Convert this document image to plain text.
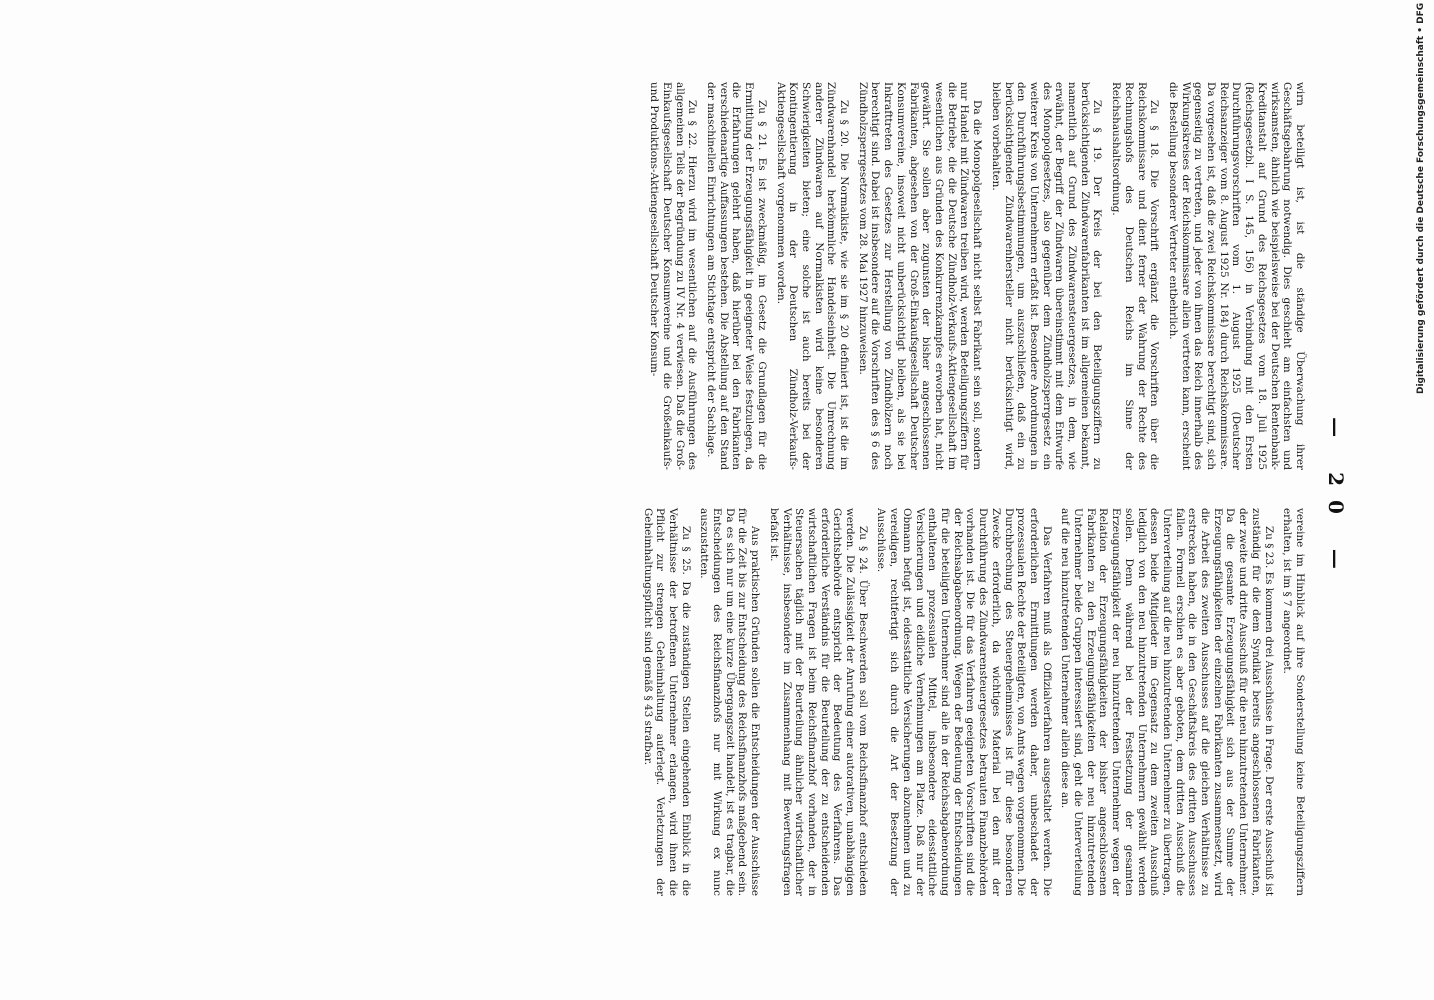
— 20 —

wirn beteiligt ist, ist die ständige Überwachung ihrer Geschäftsgebahrung notwendig. Dies geschieht am einfachsten und wirksamsten, ähnlich wie beispielsweise bei der Deutschen Rentenbank-Kreditanstalt auf Grund des Reichsgesetzes vom 18. Juli 1925 (Reichsgesetzbl. I S. 145, 156) in Verbindung mit den Ersten Durchführungsvorschriften vom 1. August 1925 (Deutscher Reichsanzeiger vom 8. August 1925 Nr. 184) durch Reichskommissare. Da vorgesehen ist, daß die zwei Reichskommissare berechtigt sind, sich gegenseitig zu vertreten, und jeder von ihnen das Reich innerhalb des Wirkungskreises der Reichskommissare allein vertreten kann, erscheint die Bestellung besonderer Vertreter entbehrlich.

Zu § 18. Die Vorschrift ergänzt die Vorschriften über die Reichskommissare und dient ferner der Wahrung der Rechte des Rechnungshofs des Deutschen Reichs im Sinne der Reichshaushaltsordnung.

Zu § 19. Der Kreis der bei den Beteiligungsziffern zu berücksichtigenden Zündwarenfabrikanten ist im allgemeinen bekannt, namentlich auf Grund des Zündwarensteuergesetzes, in dem, wie erwähnt, der Begriff der Zündwaren übereinstimmt mit dem Entwurfe des Monopolgesetzes, also gegenüber dem Zündholzsperrgesetz ein weiterer Kreis von Unternehmern erfaßt ist. Besondere Anordnungen in den Durchführungsbestimmungen, um auszuschließen, daß ein zu berücksichtigender Zündwarenhersteller nicht berücksichtigt wird, bleiben vorbehalten.

Da die Monopolgesellschaft nicht selbst Fabrikant sein soll, sondern nur Handel mit Zündwaren treiben wird, werden Beteiligungsziffern für die Betriebe, die die Deutsche Zündholz-Verkaufs-Aktiengesellschaft im wesentlichen aus Gründen des Konkurrenzkampfes erworben hat, nicht gewährt. Sie sollen aber zugunsten der bisher angeschlossenen Fabrikanten, abgesehen von der Groß-Einkaufsgesellschaft Deutscher Konsumvereine, insoweit nicht unberücksichtigt bleiben, als sie bei Inkrafttreten des Gesetzes zur Herstellung von Zündhölzern noch berechtigt sind. Dabei ist insbesondere auf die Vorschriften des § 6 des Zündholzsperrgesetzes vom 28. Mai 1927 hinzuweisen.

Zu § 20. Die Normalkiste, wie sie im § 20 definiert ist, ist die im Zündwarenhandel herkömmliche Handelseinheit. Die Umrechnung anderer Zündwaren auf Normalkisten wird keine besonderen Schwierigkeiten bieten; eine solche ist auch bereits bei der Kontingentierung in der Deutschen Zündholz-Verkaufs-Aktiengesellschaft vorgenommen worden.

Zu § 21. Es ist zweckmäßig, im Gesetz die Grundlagen für die Ermittlung der Erzeugungsfähigkeit in geeigneter Weise festzulegen, da die Erfahrungen gelehrt haben, daß hierüber bei den Fabrikanten verschiedenartige Auffassungen bestehen. Die Abstellung auf den Stand der maschinellen Einrichtungen am Stichtage entspricht der Sachlage.

Zu § 22. Hierzu wird im wesentlichen auf die Ausführungen des allgemeinen Teils der Begründung zu IV Nr. 4 verwiesen. Daß die Groß-Einkaufsgesellschaft Deutscher Konsumvereine und die Großeinkaufs- und Produktions-Aktiengesellschaft Deutscher Konsum-

vereine im Hinblick auf ihre Sonderstellung keine Beteiligungsziffern erhalten, ist im § 7 angeordnet.

Zu § 23. Es kommen drei Ausschüsse in Frage. Der erste Ausschuß ist zuständig für die dem Syndikat bereits angeschlossenen Fabrikanten, der zweite und dritte Ausschuß für die neu hinzutretenden Unternehmer. Da die gesamte Erzeugungsfähigkeit sich aus der Summe der Erzeugungsfähigkeiten der einzelnen Fabrikanten zusammensetzt, wird die Arbeit des zweiten Ausschusses auf die gleichen Verhältnisse zu erstrecken haben, die in den Geschäftskreis des dritten Ausschusses fallen. Formell erschien es aber geboten, dem dritten Ausschuß die Unterverteilung auf die neu hinzutretenden Unternehmer zu übertragen, dessen beide Mitglieder im Gegensatz zu dem zweiten Ausschuß lediglich von den neu hinzutretenden Unternehmern gewählt werden sollen. Denn während bei der Festsetzung der gesamten Erzeugungsfähigkeit der neu hinzutretenden Unternehmer wegen der Relation der Erzeugungsfähigkeiten der bisher angeschlossenen Fabrikanten zu den Erzeugungsfähigkeiten der neu hinzutretenden Unternehmer beide Gruppen interessiert sind, geht die Unterverteilung auf die neu hinzutretenden Unternehmer allein diese an.

Das Verfahren muß als Offizialverfahren ausgestaltet werden. Die erforderlichen Ermittlungen werden daher, unbeschadet der prozessualen Rechte der Beteiligten, von Amts wegen vorgenommen. Die Durchbrechung des Steuergeheimnisses ist für diese besonderen Zwecke erforderlich, da wichtiges Material bei den mit der Durchführung des Zündwarensteuergesetzes betrauten Finanzbehörden vorhanden ist. Die für das Verfahren geeigneten Vorschriften sind die der Reichsabgabenordnung. Wegen der Bedeutung der Entscheidungen für die beteiligten Unternehmer sind alle in der Reichsabgabenordnung enthaltenen prozessualen Mittel, insbesondere eidesstattliche Versicherungen und eidliche Vernehmungen am Platze. Daß nur der Obmann befugt ist, eidesstattliche Versicherungen abzunehmen und zu vereidigen, rechtfertigt sich durch die Art der Besetzung der Ausschüsse.

Zu § 24. Über Beschwerden soll vom Reichsfinanzhof entschieden werden. Die Zulässigkeit der Anrufung einer autorativen, unabhängigen Gerichtsbehörde entspricht der Bedeutung des Verfahrens. Das erforderliche Verständnis für die Beurteilung der zu entscheidenden wirtschaftlichen Fragen ist beim Reichsfinanzhof vorhanden, der in Steuersachen täglich mit der Beurteilung ähnlicher wirtschaftlicher Verhältnisse, insbesondere im Zusammenhang mit Bewertungsfragen befaßt ist.

Aus praktischen Gründen sollen die Entscheidungen der Ausschüsse für die Zeit bis zur Entscheidung des Reichsfinanzhofs maßgebend sein. Da es sich nur um eine kurze Übergangszeit handelt, ist es tragbar, die Entscheidungen des Reichsfinanzhofs nur mit Wirkung ex nunc auszustatten.

Zu § 25. Da die zuständigen Stellen eingehenden Einblick in die Verhältnisse der betroffenen Unternehmer erlangen, wird ihnen die Pflicht zur strengen Geheimhaltung auferlegt. Verletzungen der Geheimhaltungspflicht sind gemäß § 43 strafbar.

Digitalisierung gefördert durch die Deutsche Forschungsgemeinschaft • DFG
